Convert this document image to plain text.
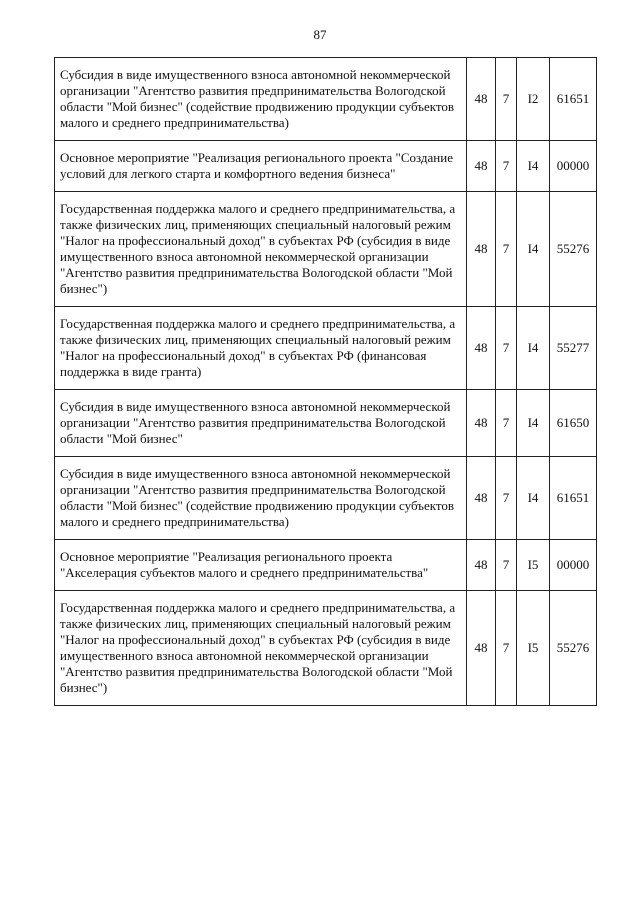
87
Субсидия в виде имущественного взноса автономной некоммерческой организации "Агентство развития предпринимательства Вологодской области "Мой бизнес" (содействие продвижению продукции субъектов малого и среднего предпринимательства)	48	7	I2	61651

Основное мероприятие "Реализация регионального проекта "Создание условий для легкого старта и комфортного ведения бизнеса"	48	7	I4	00000

Государственная поддержка малого и среднего предпринимательства, а также физических лиц, применяющих специальный налоговый режим "Налог на профессиональный доход" в субъектах РФ (субсидия в виде имущественного взноса автономной некоммерческой организации "Агентство развития предпринимательства Вологодской области "Мой бизнес")	48	7	I4	55276

Государственная поддержка малого и среднего предпринимательства, а также физических лиц, применяющих специальный налоговый режим "Налог на профессиональный доход" в субъектах РФ (финансовая поддержка в виде гранта)	48	7	I4	55277

Субсидия в виде имущественного взноса автономной некоммерческой организации "Агентство развития предпринимательства Вологодской области "Мой бизнес"	48	7	I4	61650

Субсидия в виде имущественного взноса автономной некоммерческой организации "Агентство развития предпринимательства Вологодской области "Мой бизнес" (содействие продвижению продукции субъектов малого и среднего предпринимательства)	48	7	I4	61651

Основное мероприятие "Реализация регионального проекта "Акселерация субъектов малого и среднего предпринимательства"	48	7	I5	00000

Государственная поддержка малого и среднего предпринимательства, а также физических лиц, применяющих специальный налоговый режим "Налог на профессиональный доход" в субъектах РФ (субсидия в виде имущественного взноса автономной некоммерческой организации "Агентство развития предпринимательства Вологодской области "Мой бизнес")	48	7	I5	55276
